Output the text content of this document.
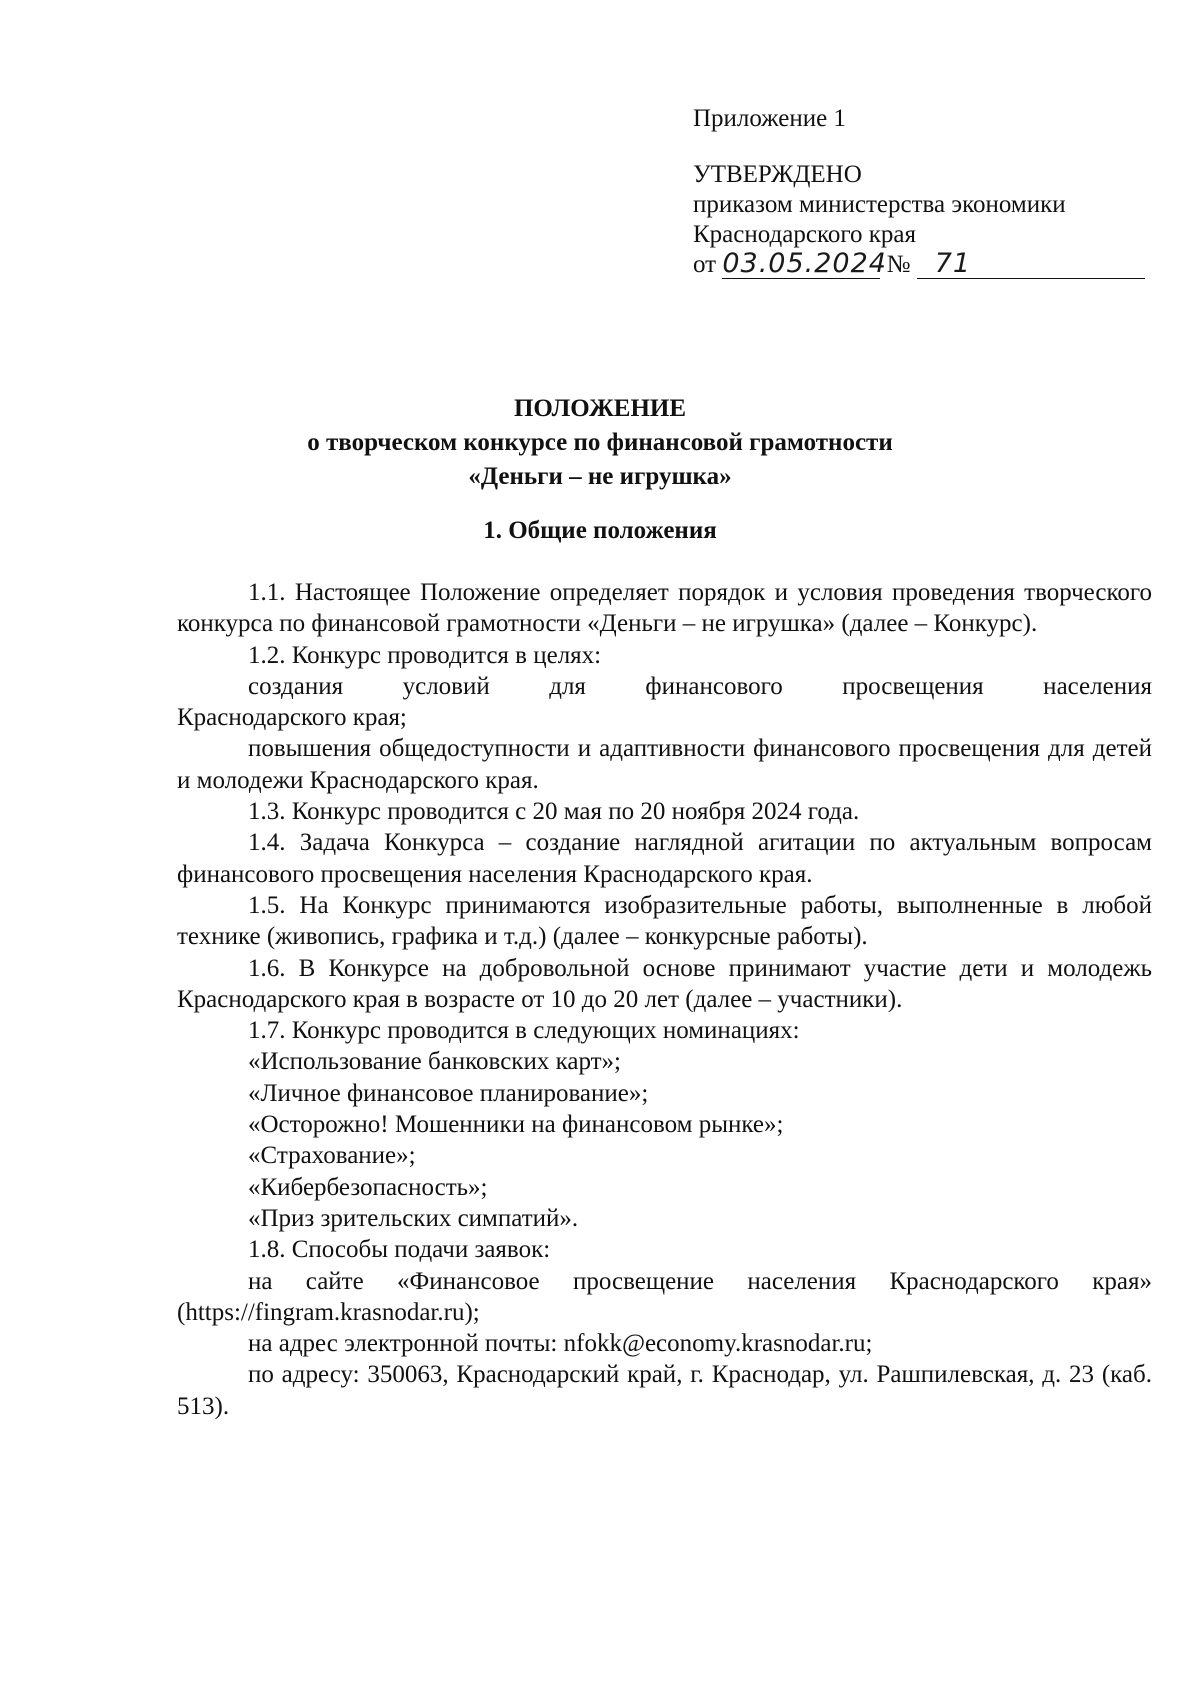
Приложение 1
УТВЕРЖДЕНО
приказом министерства экономики
Краснодарского края
от 03.05.2024 № 71
ПОЛОЖЕНИЕ
о творческом конкурсе по финансовой грамотности
«Деньги – не игрушка»
1. Общие положения

1.1. Настоящее Положение определяет порядок и условия проведения творческого конкурса по финансовой грамотности «Деньги – не игрушка» (далее – Конкурс).

1.2. Конкурс проводится в целях:

создания условий для финансового просвещения населения

Краснодарского края;

повышения общедоступности и адаптивности финансового просвещения для детей и молодежи Краснодарского края.

1.3. Конкурс проводится с 20 мая по 20 ноября 2024 года.

1.4. Задача Конкурса – создание наглядной агитации по актуальным вопросам финансового просвещения населения Краснодарского края.

1.5. На Конкурс принимаются изобразительные работы, выполненные в любой технике (живопись, графика и т.д.) (далее – конкурсные работы).

1.6. В Конкурсе на добровольной основе принимают участие дети и молодежь Краснодарского края в возрасте от 10 до 20 лет (далее – участники).

1.7. Конкурс проводится в следующих номинациях:

«Использование банковских карт»;

«Личное финансовое планирование»;

«Осторожно! Мошенники на финансовом рынке»;

«Страхование»;

«Кибербезопасность»;

«Приз зрительских симпатий».

1.8. Способы подачи заявок:

на сайте «Финансовое просвещение населения Краснодарского края» (https://fingram.krasnodar.ru);

на адрес электронной почты: nfokk@economy.krasnodar.ru;

по адресу: 350063, Краснодарский край, г. Краснодар, ул. Рашпилевская, д. 23 (каб. 513).
